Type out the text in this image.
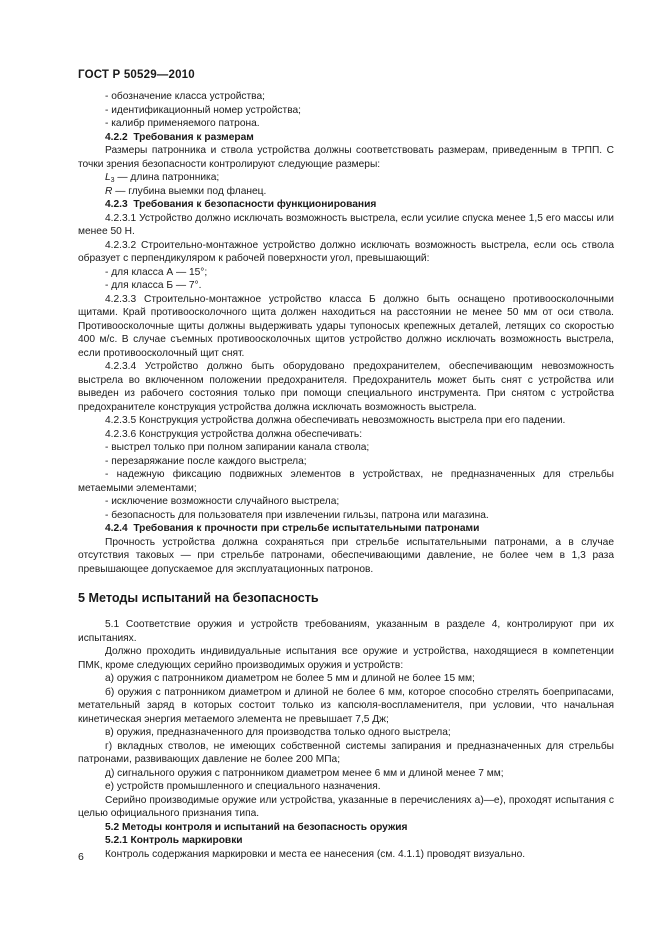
ГОСТ Р 50529—2010

- обозначение класса устройства;

- идентификационный номер устройства;

- калибр применяемого патрона.

4.2.2 Требования к размерам

Размеры патронника и ствола устройства должны соответствовать размерам, приведенным в ТРПП. С точки зрения безопасности контролируют следующие размеры:

$L_3$ — длина патронника;

R — глубина выемки под фланец.

4.2.3 Требования к безопасности функционирования

4.2.3.1 Устройство должно исключать возможность выстрела, если усилие спуска менее 1,5 его массы или менее 50 Н.

4.2.3.2 Строительно-монтажное устройство должно исключать возможность выстрела, если ось ствола образует с перпендикуляром к рабочей поверхности угол, превышающий:

- для класса А — 15°;

- для класса Б — 7°.

4.2.3.3 Строительно-монтажное устройство класса Б должно быть оснащено противоосколочными щитами. Край противоосколочного щита должен находиться на расстоянии не менее 50 мм от оси ствола. Противоосколочные щиты должны выдерживать удары тупоносых крепежных деталей, летящих со скоростью 400 м/с. В случае съемных противоосколочных щитов устройство должно исключать возможность выстрела, если противоосколочный щит снят.

4.2.3.4 Устройство должно быть оборудовано предохранителем, обеспечивающим невозможность выстрела во включенном положении предохранителя. Предохранитель может быть снят с устройства или выведен из рабочего состояния только при помощи специального инструмента. При снятом с устройства предохранителе конструкция устройства должна исключать возможность выстрела.

4.2.3.5 Конструкция устройства должна обеспечивать невозможность выстрела при его падении.

4.2.3.6 Конструкция устройства должна обеспечивать:

- выстрел только при полном запирании канала ствола;

- перезаряжание после каждого выстрела;

- надежную фиксацию подвижных элементов в устройствах, не предназначенных для стрельбы метаемыми элементами;

- исключение возможности случайного выстрела;

- безопасность для пользователя при извлечении гильзы, патрона или магазина.

4.2.4 Требования к прочности при стрельбе испытательными патронами

Прочность устройства должна сохраняться при стрельбе испытательными патронами, а в случае отсутствия таковых — при стрельбе патронами, обеспечивающими давление, не более чем в 1,3 раза превышающее допускаемое для эксплуатационных патронов.

5 Методы испытаний на безопасность

5.1 Соответствие оружия и устройств требованиям, указанным в разделе 4, контролируют при их испытаниях.

Должно проходить индивидуальные испытания все оружие и устройства, находящиеся в компетенции ПМК, кроме следующих серийно производимых оружия и устройств:

а) оружия с патронником диаметром не более 5 мм и длиной не более 15 мм;

б) оружия с патронником диаметром и длиной не более 6 мм, которое способно стрелять боеприпасами, метательный заряд в которых состоит только из капсюля-воспламенителя, при условии, что начальная кинетическая энергия метаемого элемента не превышает 7,5 Дж;

в) оружия, предназначенного для производства только одного выстрела;

г) вкладных стволов, не имеющих собственной системы запирания и предназначенных для стрельбы патронами, развивающих давление не более 200 МПа;

д) сигнального оружия с патронником диаметром менее 6 мм и длиной менее 7 мм;

е) устройств промышленного и специального назначения.

Серийно производимые оружие или устройства, указанные в перечислениях а)—е), проходят испытания с целью официального признания типа.

5.2 Методы контроля и испытаний на безопасность оружия

5.2.1 Контроль маркировки

Контроль содержания маркировки и места ее нанесения (см. 4.1.1) проводят визуально.

6
